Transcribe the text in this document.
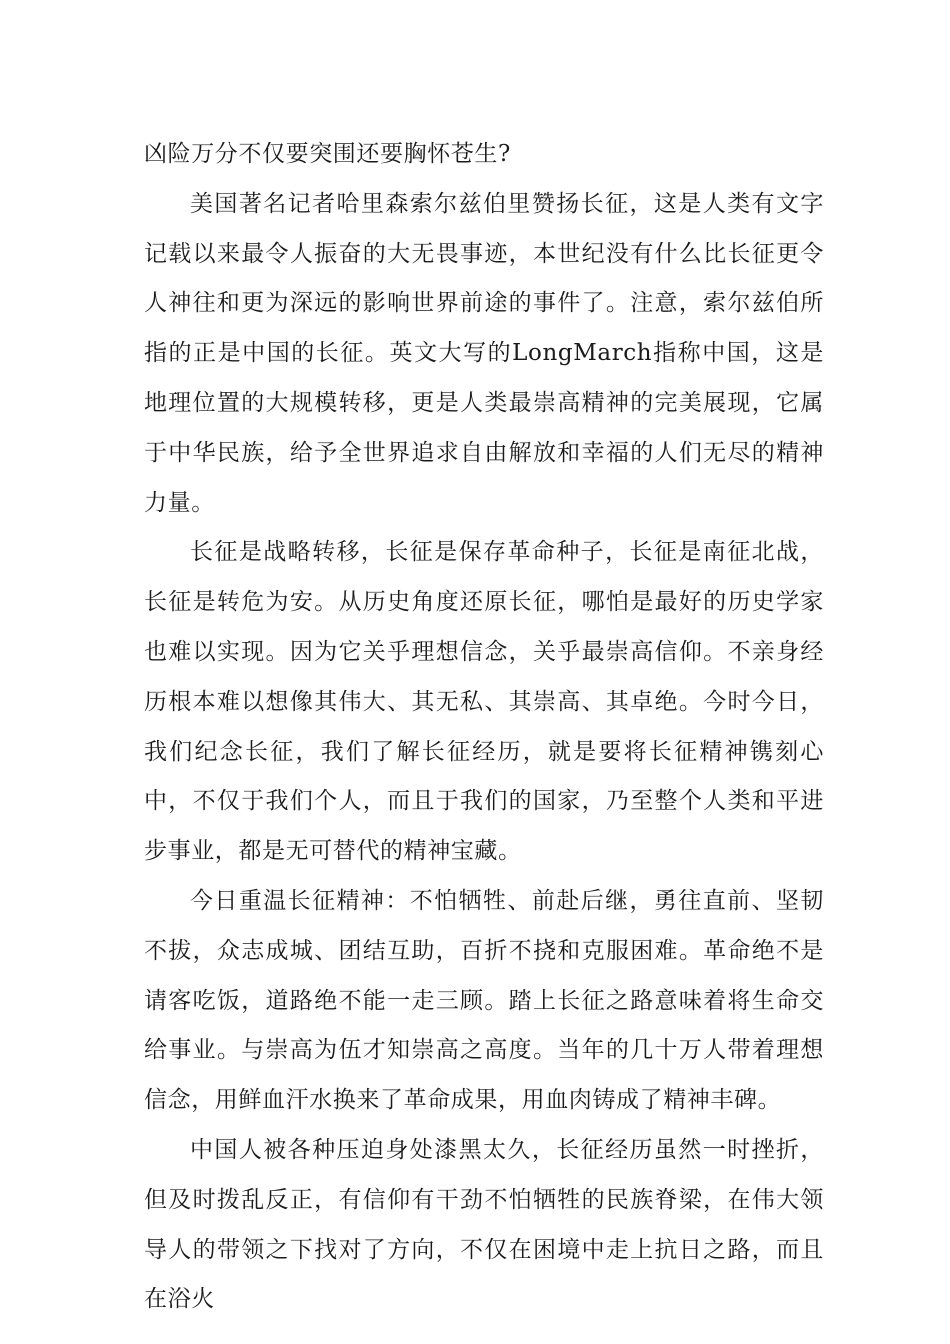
凶险万分不仅要突围还要胸怀苍生?

美国著名记者哈里森索尔兹伯里赞扬长征，这是人类有文字记载以来最令人振奋的大无畏事迹，本世纪没有什么比长征更令人神往和更为深远的影响世界前途的事件了。注意，索尔兹伯所指的正是中国的长征。英文大写的LongMarch指称中国，这是地理位置的大规模转移，更是人类最崇高精神的完美展现，它属于中华民族，给予全世界追求自由解放和幸福的人们无尽的精神力量。

长征是战略转移，长征是保存革命种子，长征是南征北战，长征是转危为安。从历史角度还原长征，哪怕是最好的历史学家也难以实现。因为它关乎理想信念，关乎最崇高信仰。不亲身经历根本难以想像其伟大、其无私、其崇高、其卓绝。今时今日，我们纪念长征，我们了解长征经历，就是要将长征精神镌刻心中，不仅于我们个人，而且于我们的国家，乃至整个人类和平进步事业，都是无可替代的精神宝藏。

今日重温长征精神：不怕牺牲、前赴后继，勇往直前、坚韧不拔，众志成城、团结互助，百折不挠和克服困难。革命绝不是请客吃饭，道路绝不能一走三顾。踏上长征之路意味着将生命交给事业。与崇高为伍才知崇高之高度。当年的几十万人带着理想信念，用鲜血汗水换来了革命成果，用血肉铸成了精神丰碑。

中国人被各种压迫身处漆黑太久，长征经历虽然一时挫折，但及时拨乱反正，有信仰有干劲不怕牺牲的民族脊梁，在伟大领导人的带领之下找对了方向，不仅在困境中走上抗日之路，而且在浴火
